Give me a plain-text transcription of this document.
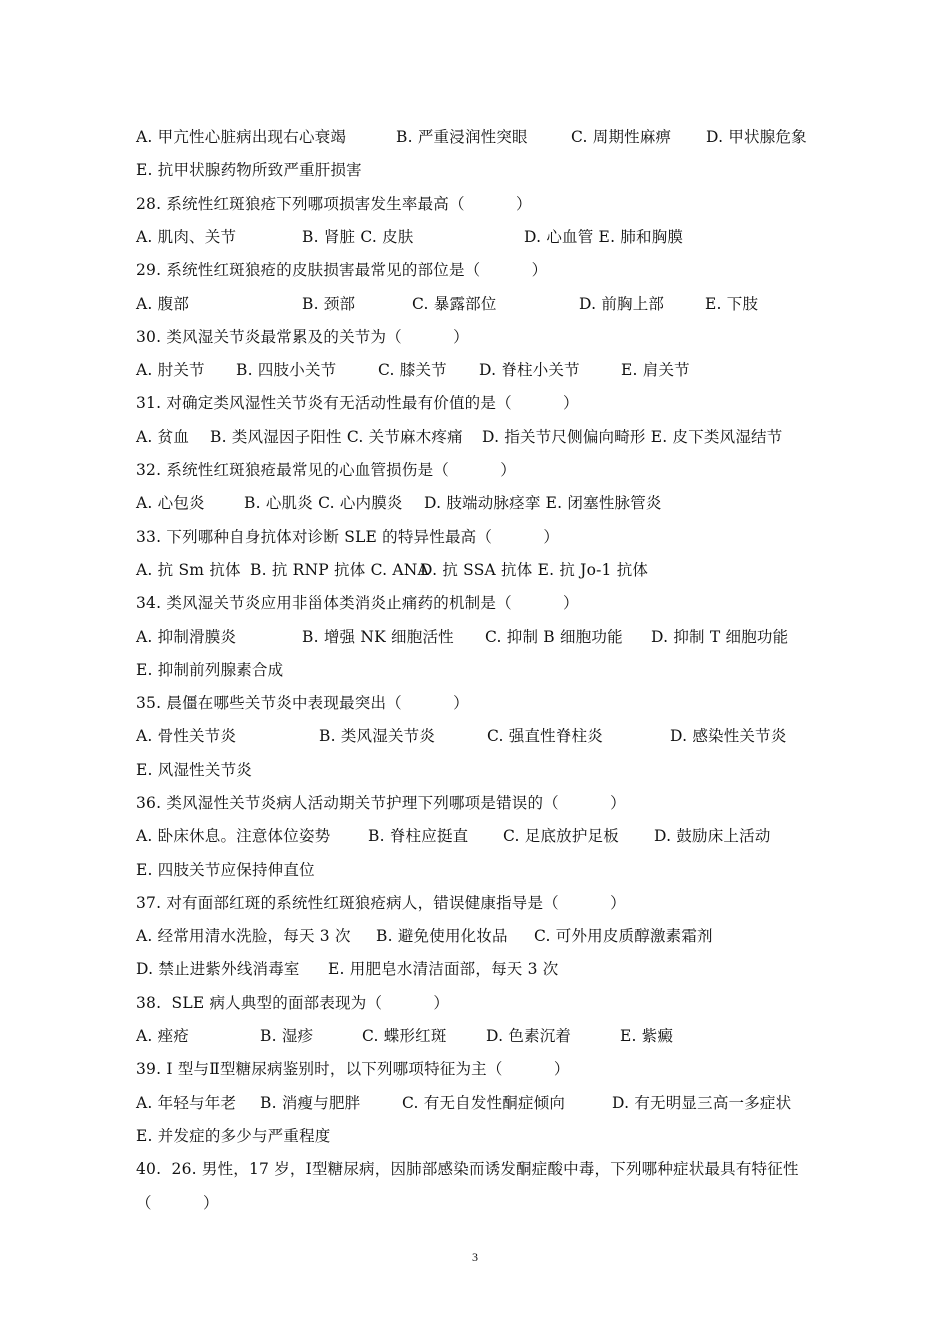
A. 甲亢性心脏病出现右心衰竭	B. 严重浸润性突眼	C. 周期性麻痹 D. 甲状腺危象
E. 抗甲状腺药物所致严重肝损害
28. 系统性红斑狼疮下列哪项损害发生率最高（          ）
A. 肌肉、关节	B. 肾脏 C. 皮肤	D. 心血管 E. 肺和胸膜
29. 系统性红斑狼疮的皮肤损害最常见的部位是（          ）
A. 腹部	B. 颈部	C. 暴露部位	D. 前胸上部	E. 下肢
30. 类风湿关节炎最常累及的关节为（          ）
A. 肘关节 B. 四肢小关节	C. 膝关节 D. 脊柱小关节	E. 肩关节
31. 对确定类风湿性关节炎有无活动性最有价值的是（          ）
A. 贫血 B. 类风湿因子阳性 C. 关节麻木疼痛 D. 指关节尺侧偏向畸形 E. 皮下类风湿结节
32. 系统性红斑狼疮最常见的心血管损伤是（          ）
A. 心包炎	B. 心肌炎 C. 心内膜炎 D. 肢端动脉痉挛 E. 闭塞性脉管炎
33. 下列哪种自身抗体对诊断 SLE 的特异性最高（          ）
A. 抗 Sm 抗体 B. 抗 RNP 抗体 C. ANA
D. 抗 SSA 抗体 E. 抗 Jo-1 抗体
34. 类风湿关节炎应用非甾体类消炎止痛药的机制是（          ）
A. 抑制滑膜炎	B. 增强 NK 细胞活性 C. 抑制 B 细胞功能 D. 抑制 T 细胞功能
E. 抑制前列腺素合成
35. 晨僵在哪些关节炎中表现最突出（          ）
A. 骨性关节炎	B. 类风湿关节炎	C. 强直性脊柱炎	D. 感染性关节炎
E. 风湿性关节炎
36. 类风湿性关节炎病人活动期关节护理下列哪项是错误的（          ）
A. 卧床休息。注意体位姿势 B. 脊柱应挺直 C. 足底放护足板 D. 鼓励床上活动
E. 四肢关节应保持伸直位
37. 对有面部红斑的系统性红斑狼疮病人，错误健康指导是（          ）
A. 经常用清水洗脸，每天 3 次 B. 避免使用化妆品 C. 可外用皮质醇激素霜剂
D. 禁止进紫外线消毒室 E. 用肥皂水清洁面部，每天 3 次
38.  SLE 病人典型的面部表现为（          ）
A. 痤疮	B. 湿疹	C. 蝶形红斑	D. 色素沉着	E. 紫癜
39. Ⅰ 型与Ⅱ型糖尿病鉴别时，以下列哪项特征为主（          ）
A. 年轻与年老 B. 消瘦与肥胖	C. 有无自发性酮症倾向	D. 有无明显三高一多症状
E. 并发症的多少与严重程度
40.  26. 男性，17 岁，Ⅰ型糖尿病，因肺部感染而诱发酮症酸中毒，下列哪种症状最具有特征性
（          ）
3
